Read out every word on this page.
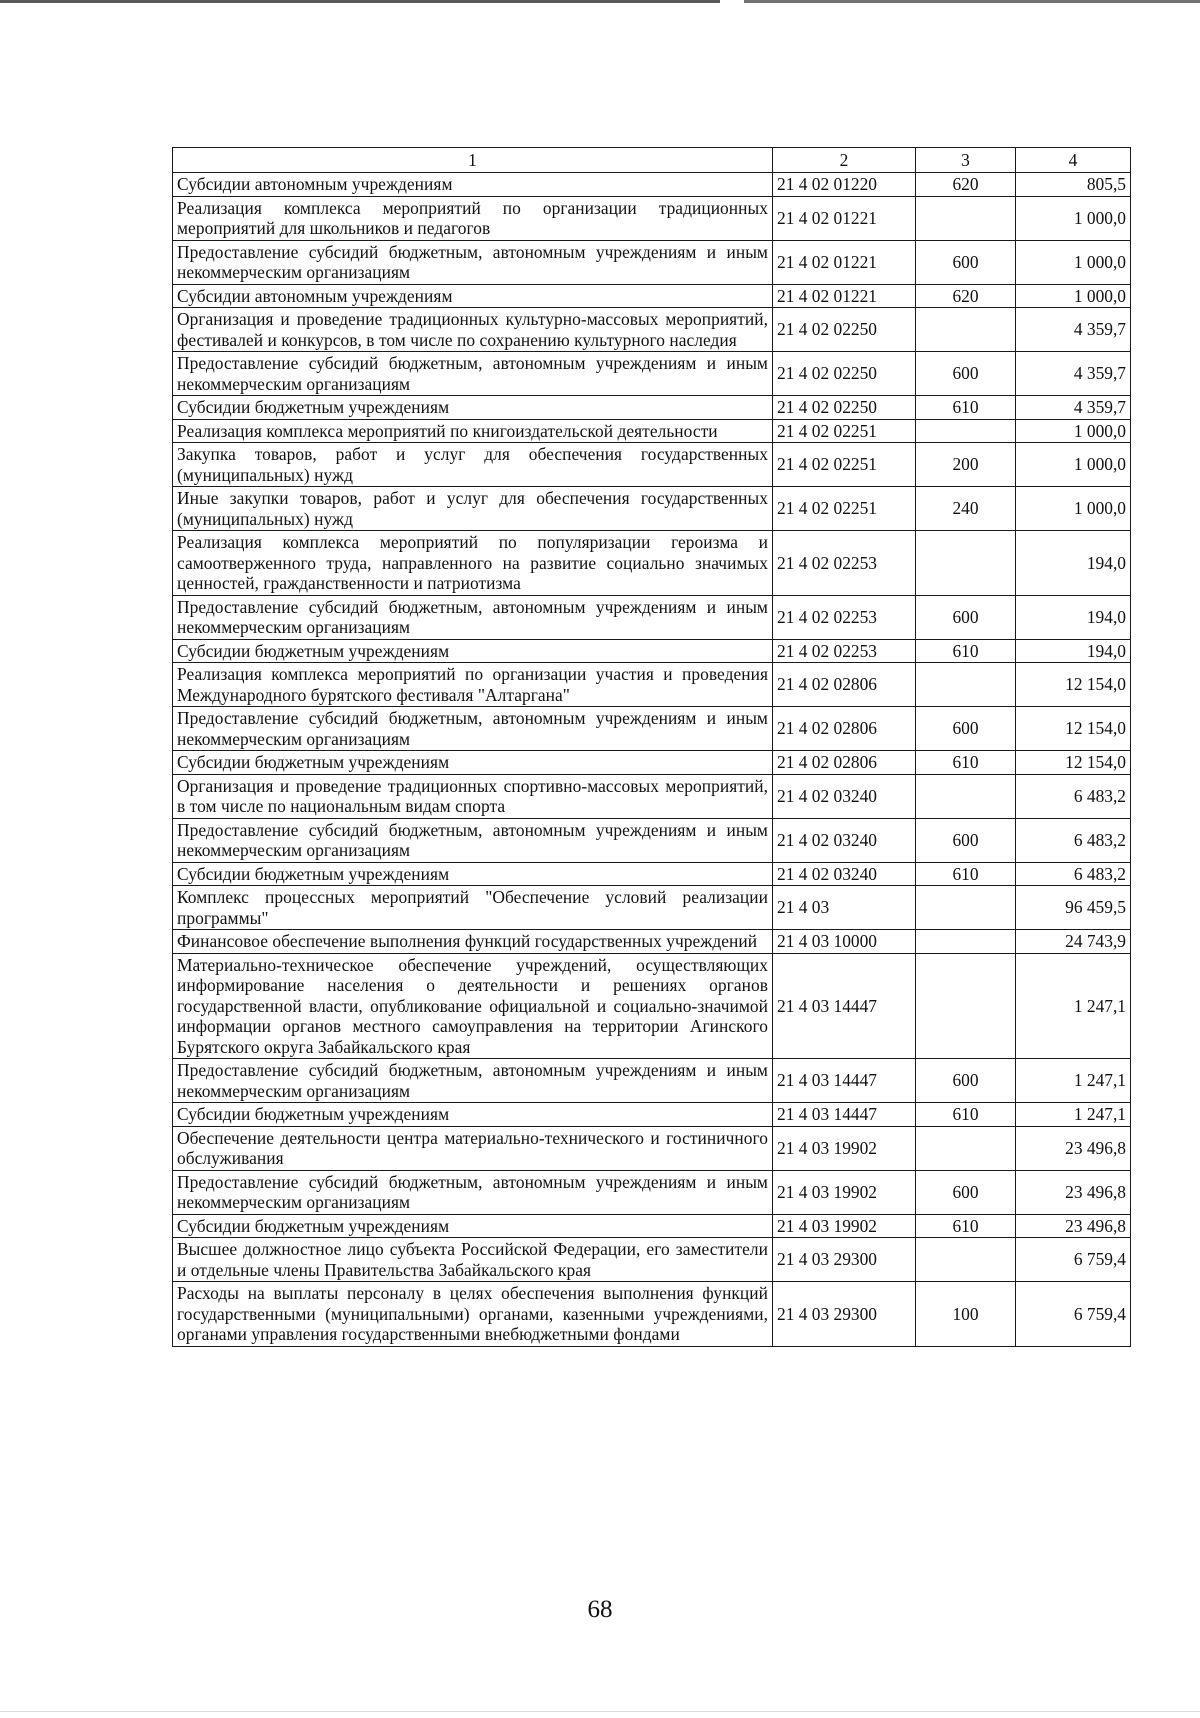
1	2	3	4
Субсидии автономным учреждениям	21 4 02 01220	620	805,5
Реализация комплекса мероприятий по организации традиционных мероприятий для школьников и педагогов	21 4 02 01221		1 000,0
Предоставление субсидий бюджетным, автономным учреждениям и иным некоммерческим организациям	21 4 02 01221	600	1 000,0
Субсидии автономным учреждениям	21 4 02 01221	620	1 000,0
Организация и проведение традиционных культурно-массовых мероприятий, фестивалей и конкурсов, в том числе по сохранению культурного наследия	21 4 02 02250		4 359,7
Предоставление субсидий бюджетным, автономным учреждениям и иным некоммерческим организациям	21 4 02 02250	600	4 359,7
Субсидии бюджетным учреждениям	21 4 02 02250	610	4 359,7
Реализация комплекса мероприятий по книгоиздательской деятельности	21 4 02 02251		1 000,0
Закупка товаров, работ и услуг для обеспечения государственных (муниципальных) нужд	21 4 02 02251	200	1 000,0
Иные закупки товаров, работ и услуг для обеспечения государственных (муниципальных) нужд	21 4 02 02251	240	1 000,0
Реализация комплекса мероприятий по популяризации героизма и самоотверженного труда, направленного на развитие социально значимых ценностей, гражданственности и патриотизма	21 4 02 02253		194,0
Предоставление субсидий бюджетным, автономным учреждениям и иным некоммерческим организациям	21 4 02 02253	600	194,0
Субсидии бюджетным учреждениям	21 4 02 02253	610	194,0
Реализация комплекса мероприятий по организации участия и проведения Международного бурятского фестиваля "Алтаргана"	21 4 02 02806		12 154,0
Предоставление субсидий бюджетным, автономным учреждениям и иным некоммерческим организациям	21 4 02 02806	600	12 154,0
Субсидии бюджетным учреждениям	21 4 02 02806	610	12 154,0
Организация и проведение традиционных спортивно-массовых мероприятий, в том числе по национальным видам спорта	21 4 02 03240		6 483,2
Предоставление субсидий бюджетным, автономным учреждениям и иным некоммерческим организациям	21 4 02 03240	600	6 483,2
Субсидии бюджетным учреждениям	21 4 02 03240	610	6 483,2
Комплекс процессных мероприятий "Обеспечение условий реализации программы"	21 4 03		96 459,5
Финансовое обеспечение выполнения функций государственных учреждений	21 4 03 10000		24 743,9
Материально-техническое обеспечение учреждений, осуществляющих информирование населения о деятельности и решениях органов государственной власти, опубликование официальной и социально-значимой информации органов местного самоуправления на территории Агинского Бурятского округа Забайкальского края	21 4 03 14447		1 247,1
Предоставление субсидий бюджетным, автономным учреждениям и иным некоммерческим организациям	21 4 03 14447	600	1 247,1
Субсидии бюджетным учреждениям	21 4 03 14447	610	1 247,1
Обеспечение деятельности центра материально-технического и гостиничного обслуживания	21 4 03 19902		23 496,8
Предоставление субсидий бюджетным, автономным учреждениям и иным некоммерческим организациям	21 4 03 19902	600	23 496,8
Субсидии бюджетным учреждениям	21 4 03 19902	610	23 496,8
Высшее должностное лицо субъекта Российской Федерации, его заместители и отдельные члены Правительства Забайкальского края	21 4 03 29300		6 759,4
Расходы на выплаты персоналу в целях обеспечения выполнения функций государственными (муниципальными) органами, казенными учреждениями, органами управления государственными внебюджетными фондами	21 4 03 29300	100	6 759,4
68
